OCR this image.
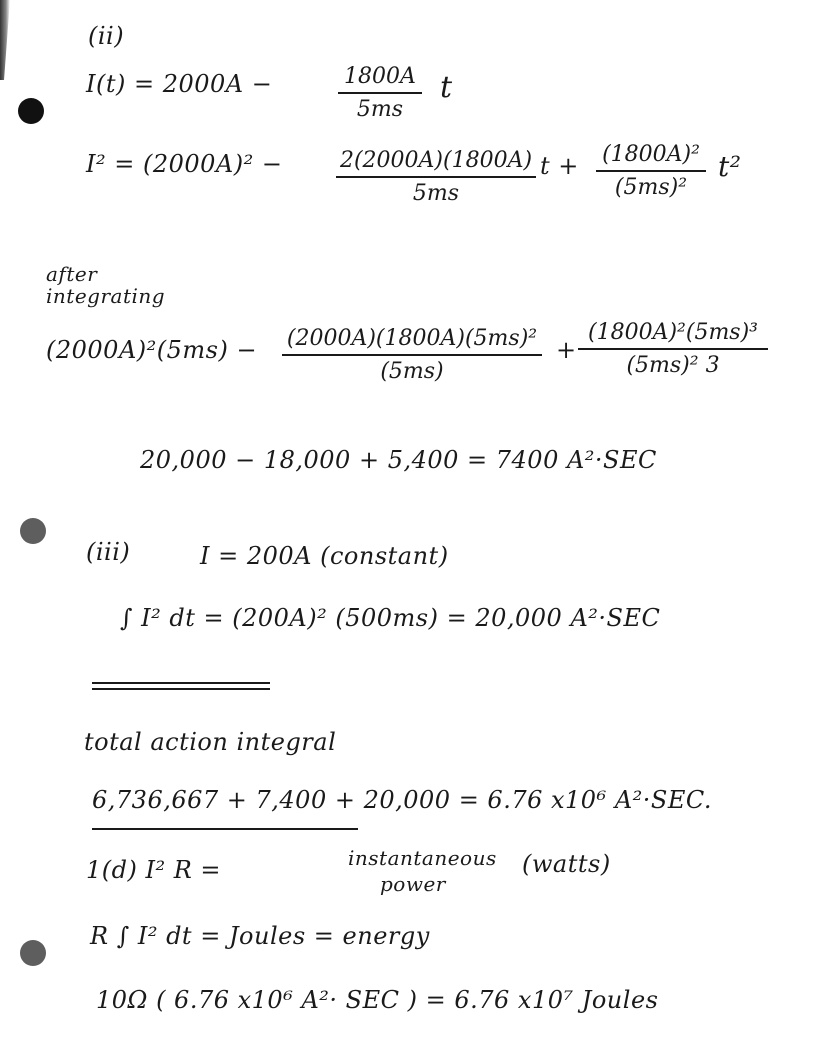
(ii)
I(t) = 2000A −	1800A
5ms
t
I² = (2000A)² −	2(2000A)(1800A)
5ms
t + (1800A)²
(5ms)²
t²
after
integrating
(2000A)²(5ms) − (2000A)(1800A)(5ms)²
(5ms)
+
(1800A)²(5ms)³
(5ms)² 3
20,000 − 18,000 + 5,400 = 7400 A²·SEC
(iii)	I = 200A (constant)
∫ I² dt = (200A)² (500ms) = 20,000 A²·SEC
total action integral
6,736,667 + 7,400 + 20,000 = 6.76 x10⁶ A²·SEC.
1(d) I² R =	instantaneous
power
(watts)
R ∫ I² dt = Joules = energy
10Ω ( 6.76 x10⁶ A²· SEC ) = 6.76 x10⁷ Joules
